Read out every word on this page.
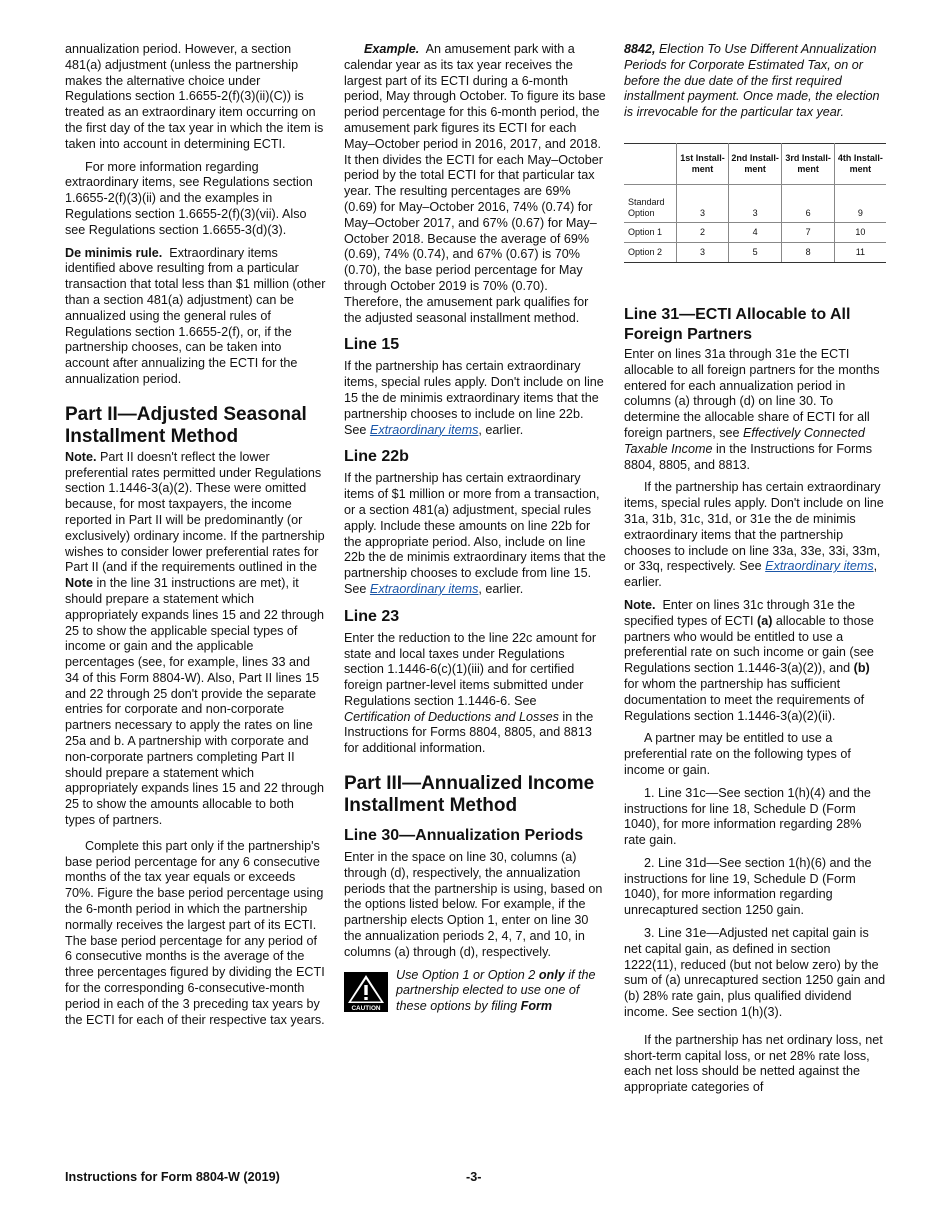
annualization period. However, a section 481(a) adjustment (unless the partnership makes the alternative choice under Regulations section 1.6655-2(f)(3)(ii)(C)) is treated as an extraordinary item occurring on the first day of the tax year in which the item is taken into account in determining ECTI.

For more information regarding extraordinary items, see Regulations section 1.6655-2(f)(3)(ii) and the examples in Regulations section 1.6655-2(f)(3)(vii). Also see Regulations section 1.6655-3(d)(3).

De minimis rule. Extraordinary items identified above resulting from a particular transaction that total less than $1 million (other than a section 481(a) adjustment) can be annualized using the general rules of Regulations section 1.6655-2(f), or, if the partnership chooses, can be taken into account after annualizing the ECTI for the annualization period.

Part II—Adjusted Seasonal Installment Method

Note. Part II doesn't reflect the lower preferential rates permitted under Regulations section 1.1446-3(a)(2). These were omitted because, for most taxpayers, the income reported in Part II will be predominantly (or exclusively) ordinary income. If the partnership wishes to consider lower preferential rates for Part II (and if the requirements outlined in the Note in the line 31 instructions are met), it should prepare a statement which appropriately expands lines 15 and 22 through 25 to show the applicable special types of income or gain and the applicable percentages (see, for example, lines 33 and 34 of this Form 8804-W). Also, Part II lines 15 and 22 through 25 don't provide the separate entries for corporate and non-corporate partners necessary to apply the rates on line 25a and b. A partnership with corporate and non-corporate partners completing Part II should prepare a statement which appropriately expands lines 15 and 22 through 25 to show the amounts allocable to both types of partners.

Complete this part only if the partnership's base period percentage for any 6 consecutive months of the tax year equals or exceeds 70%. Figure the base period percentage using the 6-month period in which the partnership normally receives the largest part of its ECTI. The base period percentage for any period of 6 consecutive months is the average of the three percentages figured by dividing the ECTI for the corresponding 6-consecutive-month period in each of the 3 preceding tax years by the ECTI for each of their respective tax years.

Example. An amusement park with a calendar year as its tax year receives the largest part of its ECTI during a 6-month period, May through October. To figure its base period percentage for this 6-month period, the amusement park figures its ECTI for each May–October period in 2016, 2017, and 2018. It then divides the ECTI for each May–October period by the total ECTI for that particular tax year. The resulting percentages are 69% (0.69) for May–October 2016, 74% (0.74) for May–October 2017, and 67% (0.67) for May–October 2018. Because the average of 69% (0.69), 74% (0.74), and 67% (0.67) is 70% (0.70), the base period percentage for May through October 2019 is 70% (0.70). Therefore, the amusement park qualifies for the adjusted seasonal installment method.

Line 15

If the partnership has certain extraordinary items, special rules apply. Don't include on line 15 the de minimis extraordinary items that the partnership chooses to include on line 22b. See Extraordinary items, earlier.

Line 22b

If the partnership has certain extraordinary items of $1 million or more from a transaction, or a section 481(a) adjustment, special rules apply. Include these amounts on line 22b for the appropriate period. Also, include on line 22b the de minimis extraordinary items that the partnership chooses to exclude from line 15. See Extraordinary items, earlier.

Line 23

Enter the reduction to the line 22c amount for state and local taxes under Regulations section 1.1446-6(c)(1)(iii) and for certified foreign partner-level items submitted under Regulations section 1.1446-6. See Certification of Deductions and Losses in the Instructions for Forms 8804, 8805, and 8813 for additional information.

Part III—Annualized Income Installment Method
Line 30—Annualization Periods

Enter in the space on line 30, columns (a) through (d), respectively, the annualization periods that the partnership is using, based on the options listed below. For example, if the partnership elects Option 1, enter on line 30 the annualization periods 2, 4, 7, and 10, in columns (a) through (d), respectively.

CAUTION
Use Option 1 or Option 2 only if the partnership elected to use one of these options by filing Form

8842, Election To Use Different Annualization Periods for Corporate Estimated Tax, on or before the due date of the first required installment payment. Once made, the election is irrevocable for the particular tax year.

	1st Install-ment	2nd Install-ment	3rd Install-ment	4th Install-ment
Standard Option	3	3	6	9
Option 1	2	4	7	10
Option 2	3	5	8	11
Line 31—ECTI Allocable to All Foreign Partners

Enter on lines 31a through 31e the ECTI allocable to all foreign partners for the months entered for each annualization period in columns (a) through (d) on line 30. To determine the allocable share of ECTI for all foreign partners, see Effectively Connected Taxable Income in the Instructions for Forms 8804, 8805, and 8813.

If the partnership has certain extraordinary items, special rules apply. Don't include on line 31a, 31b, 31c, 31d, or 31e the de minimis extraordinary items that the partnership chooses to include on line 33a, 33e, 33i, 33m, or 33q, respectively. See Extraordinary items, earlier.

Note. Enter on lines 31c through 31e the specified types of ECTI (a) allocable to those partners who would be entitled to use a preferential rate on such income or gain (see Regulations section 1.1446-3(a)(2)), and (b) for whom the partnership has sufficient documentation to meet the requirements of Regulations section 1.1446-3(a)(2)(ii).

A partner may be entitled to use a preferential rate on the following types of income or gain.

1. Line 31c—See section 1(h)(4) and the instructions for line 18, Schedule D (Form 1040), for more information regarding 28% rate gain.

2. Line 31d—See section 1(h)(6) and the instructions for line 19, Schedule D (Form 1040), for more information regarding unrecaptured section 1250 gain.

3. Line 31e—Adjusted net capital gain is net capital gain, as defined in section 1222(11), reduced (but not below zero) by the sum of (a) unrecaptured section 1250 gain and (b) 28% rate gain, plus qualified dividend income. See section 1(h)(3).

If the partnership has net ordinary loss, net short-term capital loss, or net 28% rate loss, each net loss should be netted against the appropriate categories of

Instructions for Form 8804-W (2019)	-3-
